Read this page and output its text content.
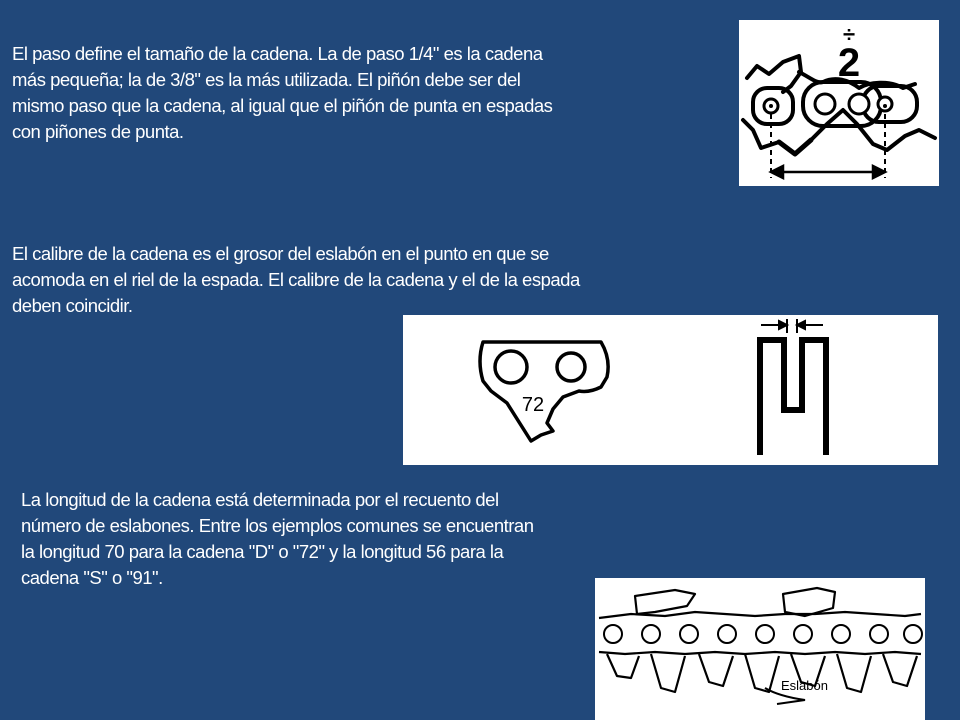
El paso define el tamaño de la cadena. La de paso 1/4" es la cadena
más pequeña; la de 3/8" es la más utilizada. El piñón debe ser del
mismo paso que la cadena, al igual que el piñón de punta en espadas
con piñones de punta.

÷
2

El calibre de la cadena es el grosor del eslabón en el punto en que se
acomoda en el riel de la espada. El calibre de la cadena y el de la espada
deben coincidir.

72

La longitud de la cadena está determinada por el recuento del
número de eslabones. Entre los ejemplos comunes se encuentran
la longitud 70 para la cadena "D" o "72" y la longitud 56 para la
cadena "S" o "91".

Eslabón
